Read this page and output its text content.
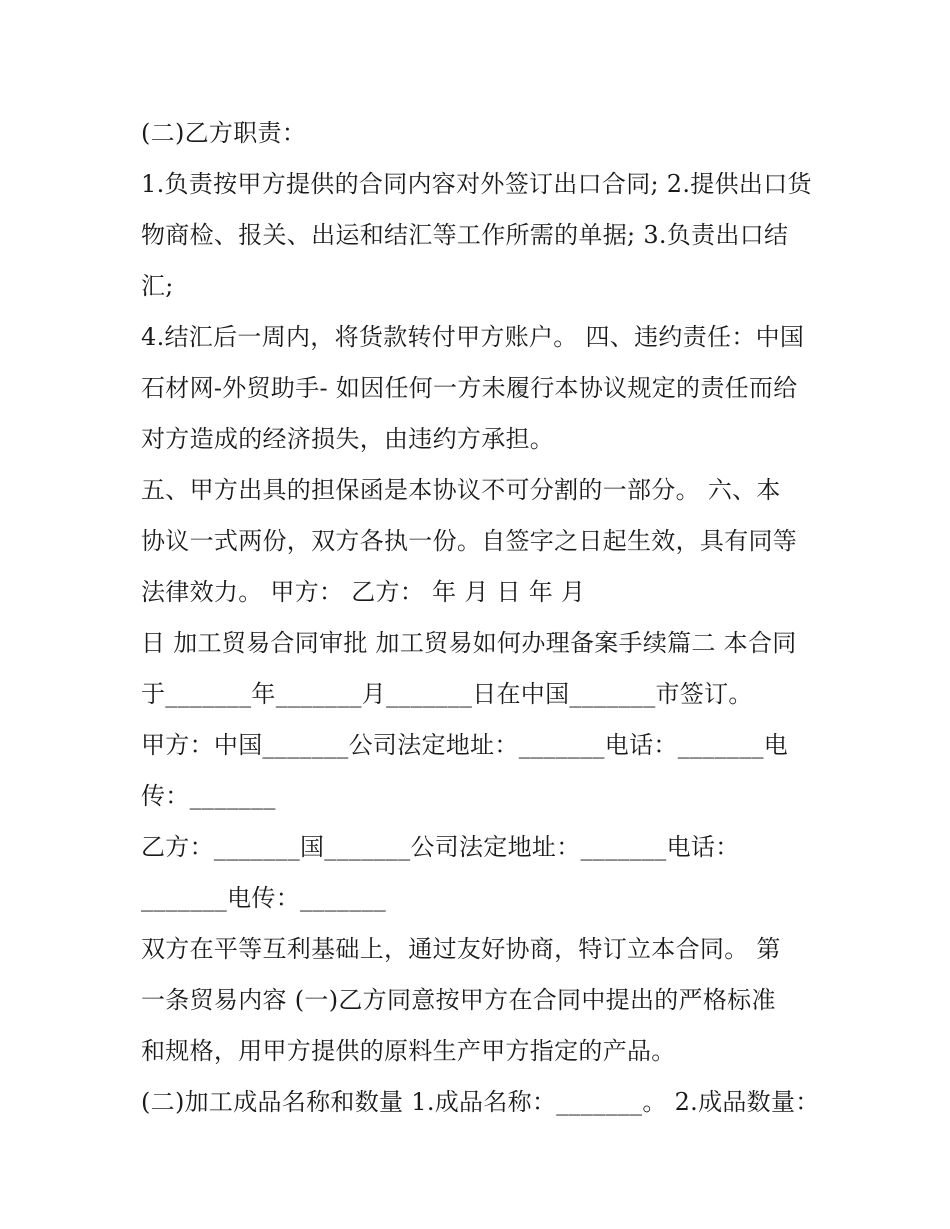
(二)乙方职责：
1.负责按甲方提供的合同内容对外签订出口合同; 2.提供出口货
物商检、报关、出运和结汇等工作所需的单据; 3.负责出口结
汇;
4.结汇后一周内，将货款转付甲方账户。 四、违约责任：中国
石材网-外贸助手- 如因任何一方未履行本协议规定的责任而给
对方造成的经济损失，由违约方承担。
五、甲方出具的担保函是本协议不可分割的一部分。 六、本
协议一式两份，双方各执一份。自签字之日起生效，具有同等
法律效力。 甲方： 乙方： 年 月 日 年 月
日 加工贸易合同审批 加工贸易如何办理备案手续篇二 本合同
于_______年_______月_______日在中国_______市签订。
甲方：中国_______公司法定地址：_______电话：_______电
传：_______
乙方：_______国_______公司法定地址：_______电话：
_______电传：_______
双方在平等互利基础上，通过友好协商，特订立本合同。 第
一条贸易内容 (一)乙方同意按甲方在合同中提出的严格标准
和规格，用甲方提供的原料生产甲方指定的产品。
(二)加工成品名称和数量 1.成品名称：_______。 2.成品数量：
